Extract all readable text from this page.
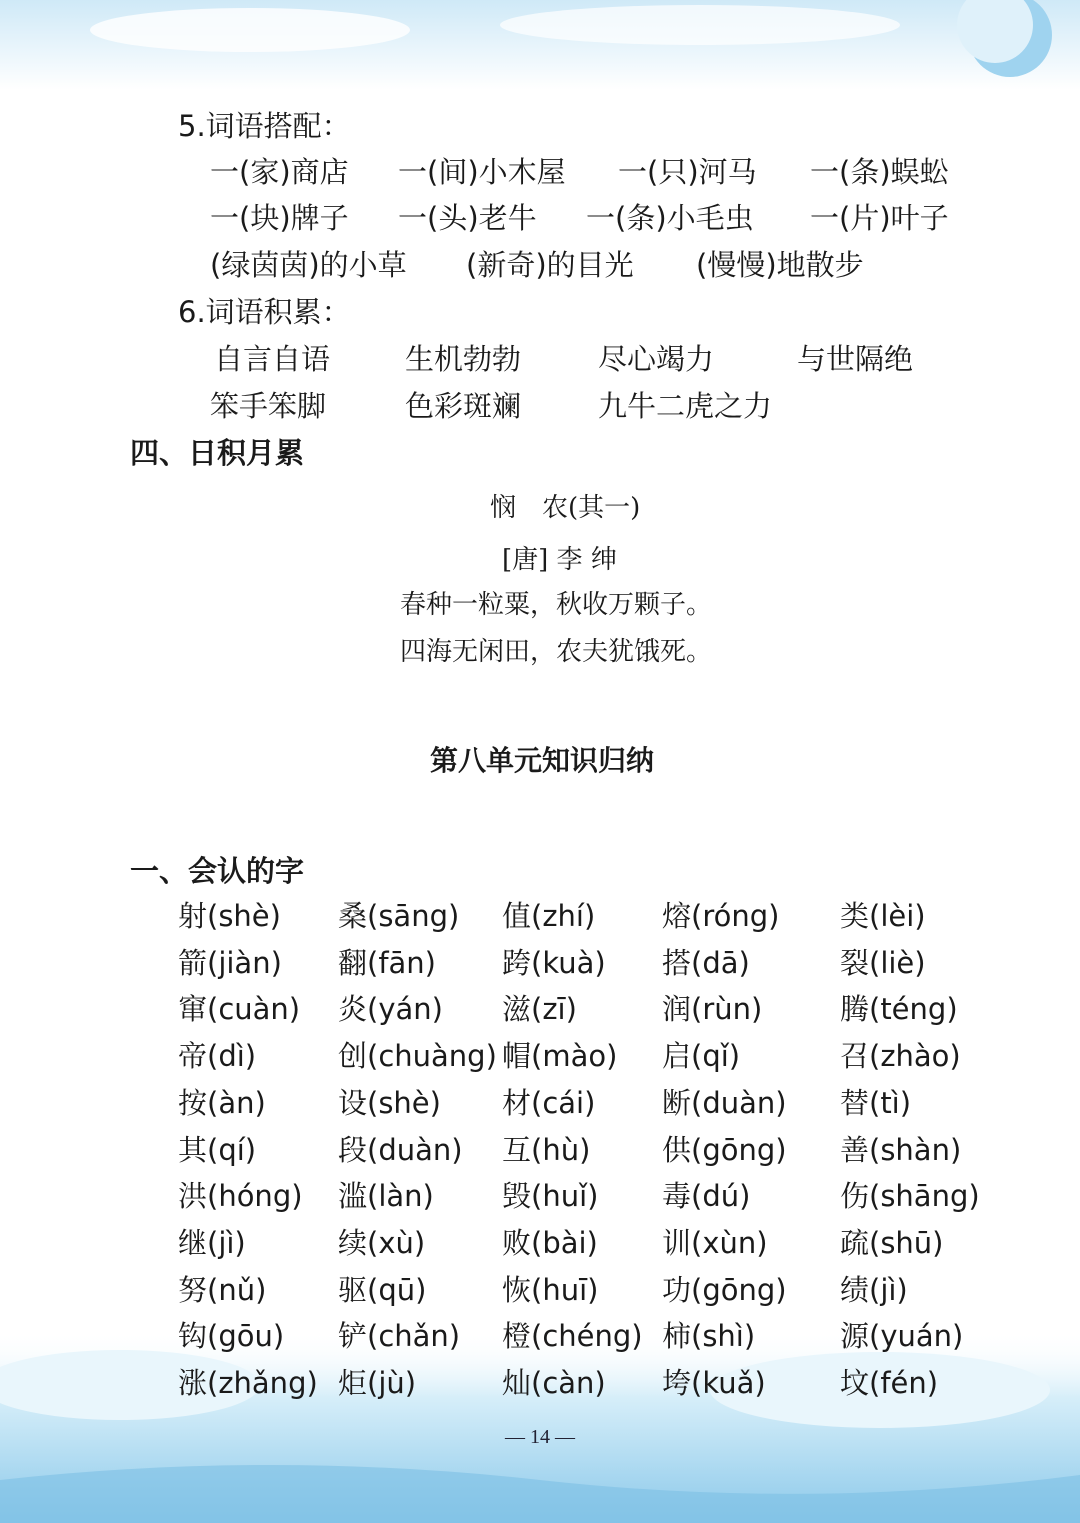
5.词语搭配：
一(家)商店 一(间)小木屋 一(只)河马 一(条)蜈蚣
一(块)牌子 一(头)老牛 一(条)小毛虫 一(片)叶子
(绿茵茵)的小草 (新奇)的目光 (慢慢)地散步
6.词语积累：
自言自语	生机勃勃	尽心竭力	与世隔绝
笨手笨脚	色彩斑斓	九牛二虎之力
四、日积月累
悯　农(其一)
[唐] 李 绅
春种一粒粟，秋收万颗子。
四海无闲田，农夫犹饿死。
第八单元知识归纳
一、会认的字
射(shè) 桑(sāng) 值(zhí) 熔(róng) 类(lèi)
箭(jiàn) 翻(fān) 跨(kuà) 搭(dā)	裂(liè)
窜(cuàn) 炎(yán) 滋(zī)	润(rùn)	腾(téng)
帝(dì)	创(chuàng) 帽(mào) 启(qǐ)	召(zhào)
按(àn) 设(shè) 材(cái) 断(duàn) 替(tì)
其(qí)	段(duàn) 互(hù) 供(gōng) 善(shàn)
洪(hóng) 滥(làn) 毁(huǐ) 毒(dú)	伤(shāng)
继(jì)	续(xù)	败(bài) 训(xùn) 疏(shū)
努(nǔ) 驱(qū)	恢(huī) 功(gōng) 绩(jì)
钩(gōu) 铲(chǎn) 橙(chéng) 柿(shì)	源(yuán)
涨(zhǎng) 炬(jù)	灿(càn) 垮(kuǎ)	坟(fén)
— 14 —
